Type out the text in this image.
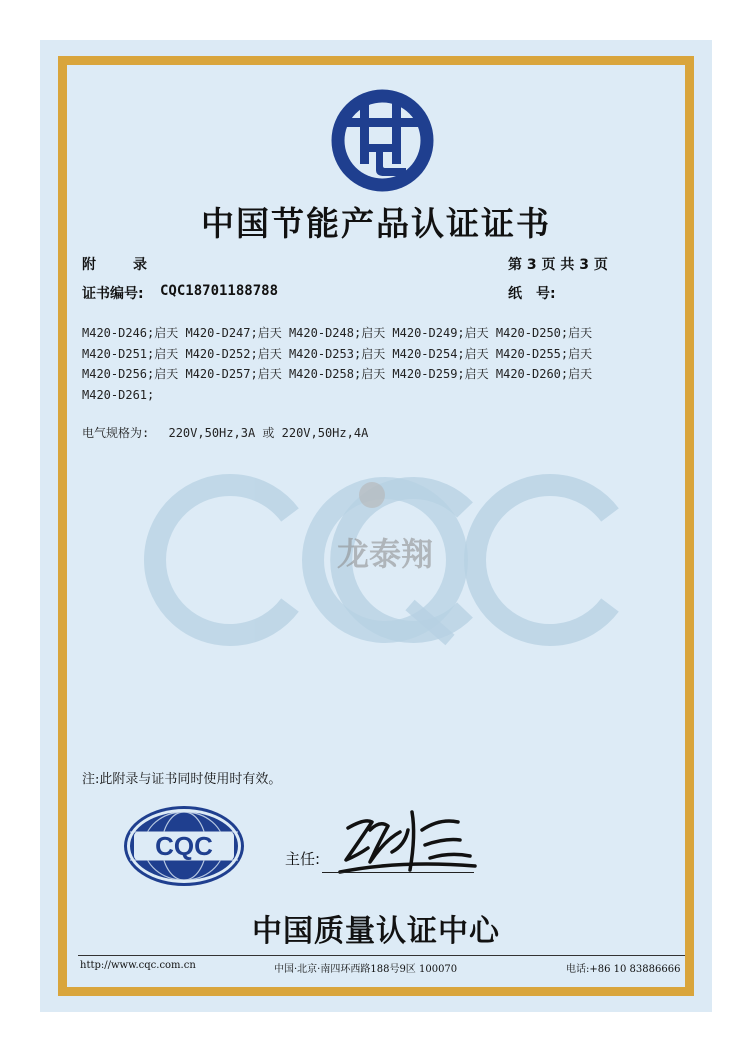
中国节能产品认证证书
附　　录	第 3 页 共 3 页
证书编号: CQC18701188788	纸　号:
M420-D246;启天 M420-D247;启天 M420-D248;启天 M420-D249;启天 M420-D250;启天
M420-D251;启天 M420-D252;启天 M420-D253;启天 M420-D254;启天 M420-D255;启天
M420-D256;启天 M420-D257;启天 M420-D258;启天 M420-D259;启天 M420-D260;启天
M420-D261;
电气规格为: 220V,50Hz,3A 或 220V,50Hz,4A
龙泰翔
注:此附录与证书同时使用时有效。
CQC	主任:
中国质量认证中心
http://www.cqc.com.cn	中国·北京·南四环西路188号9区 100070	电话:+86 10 83886666
